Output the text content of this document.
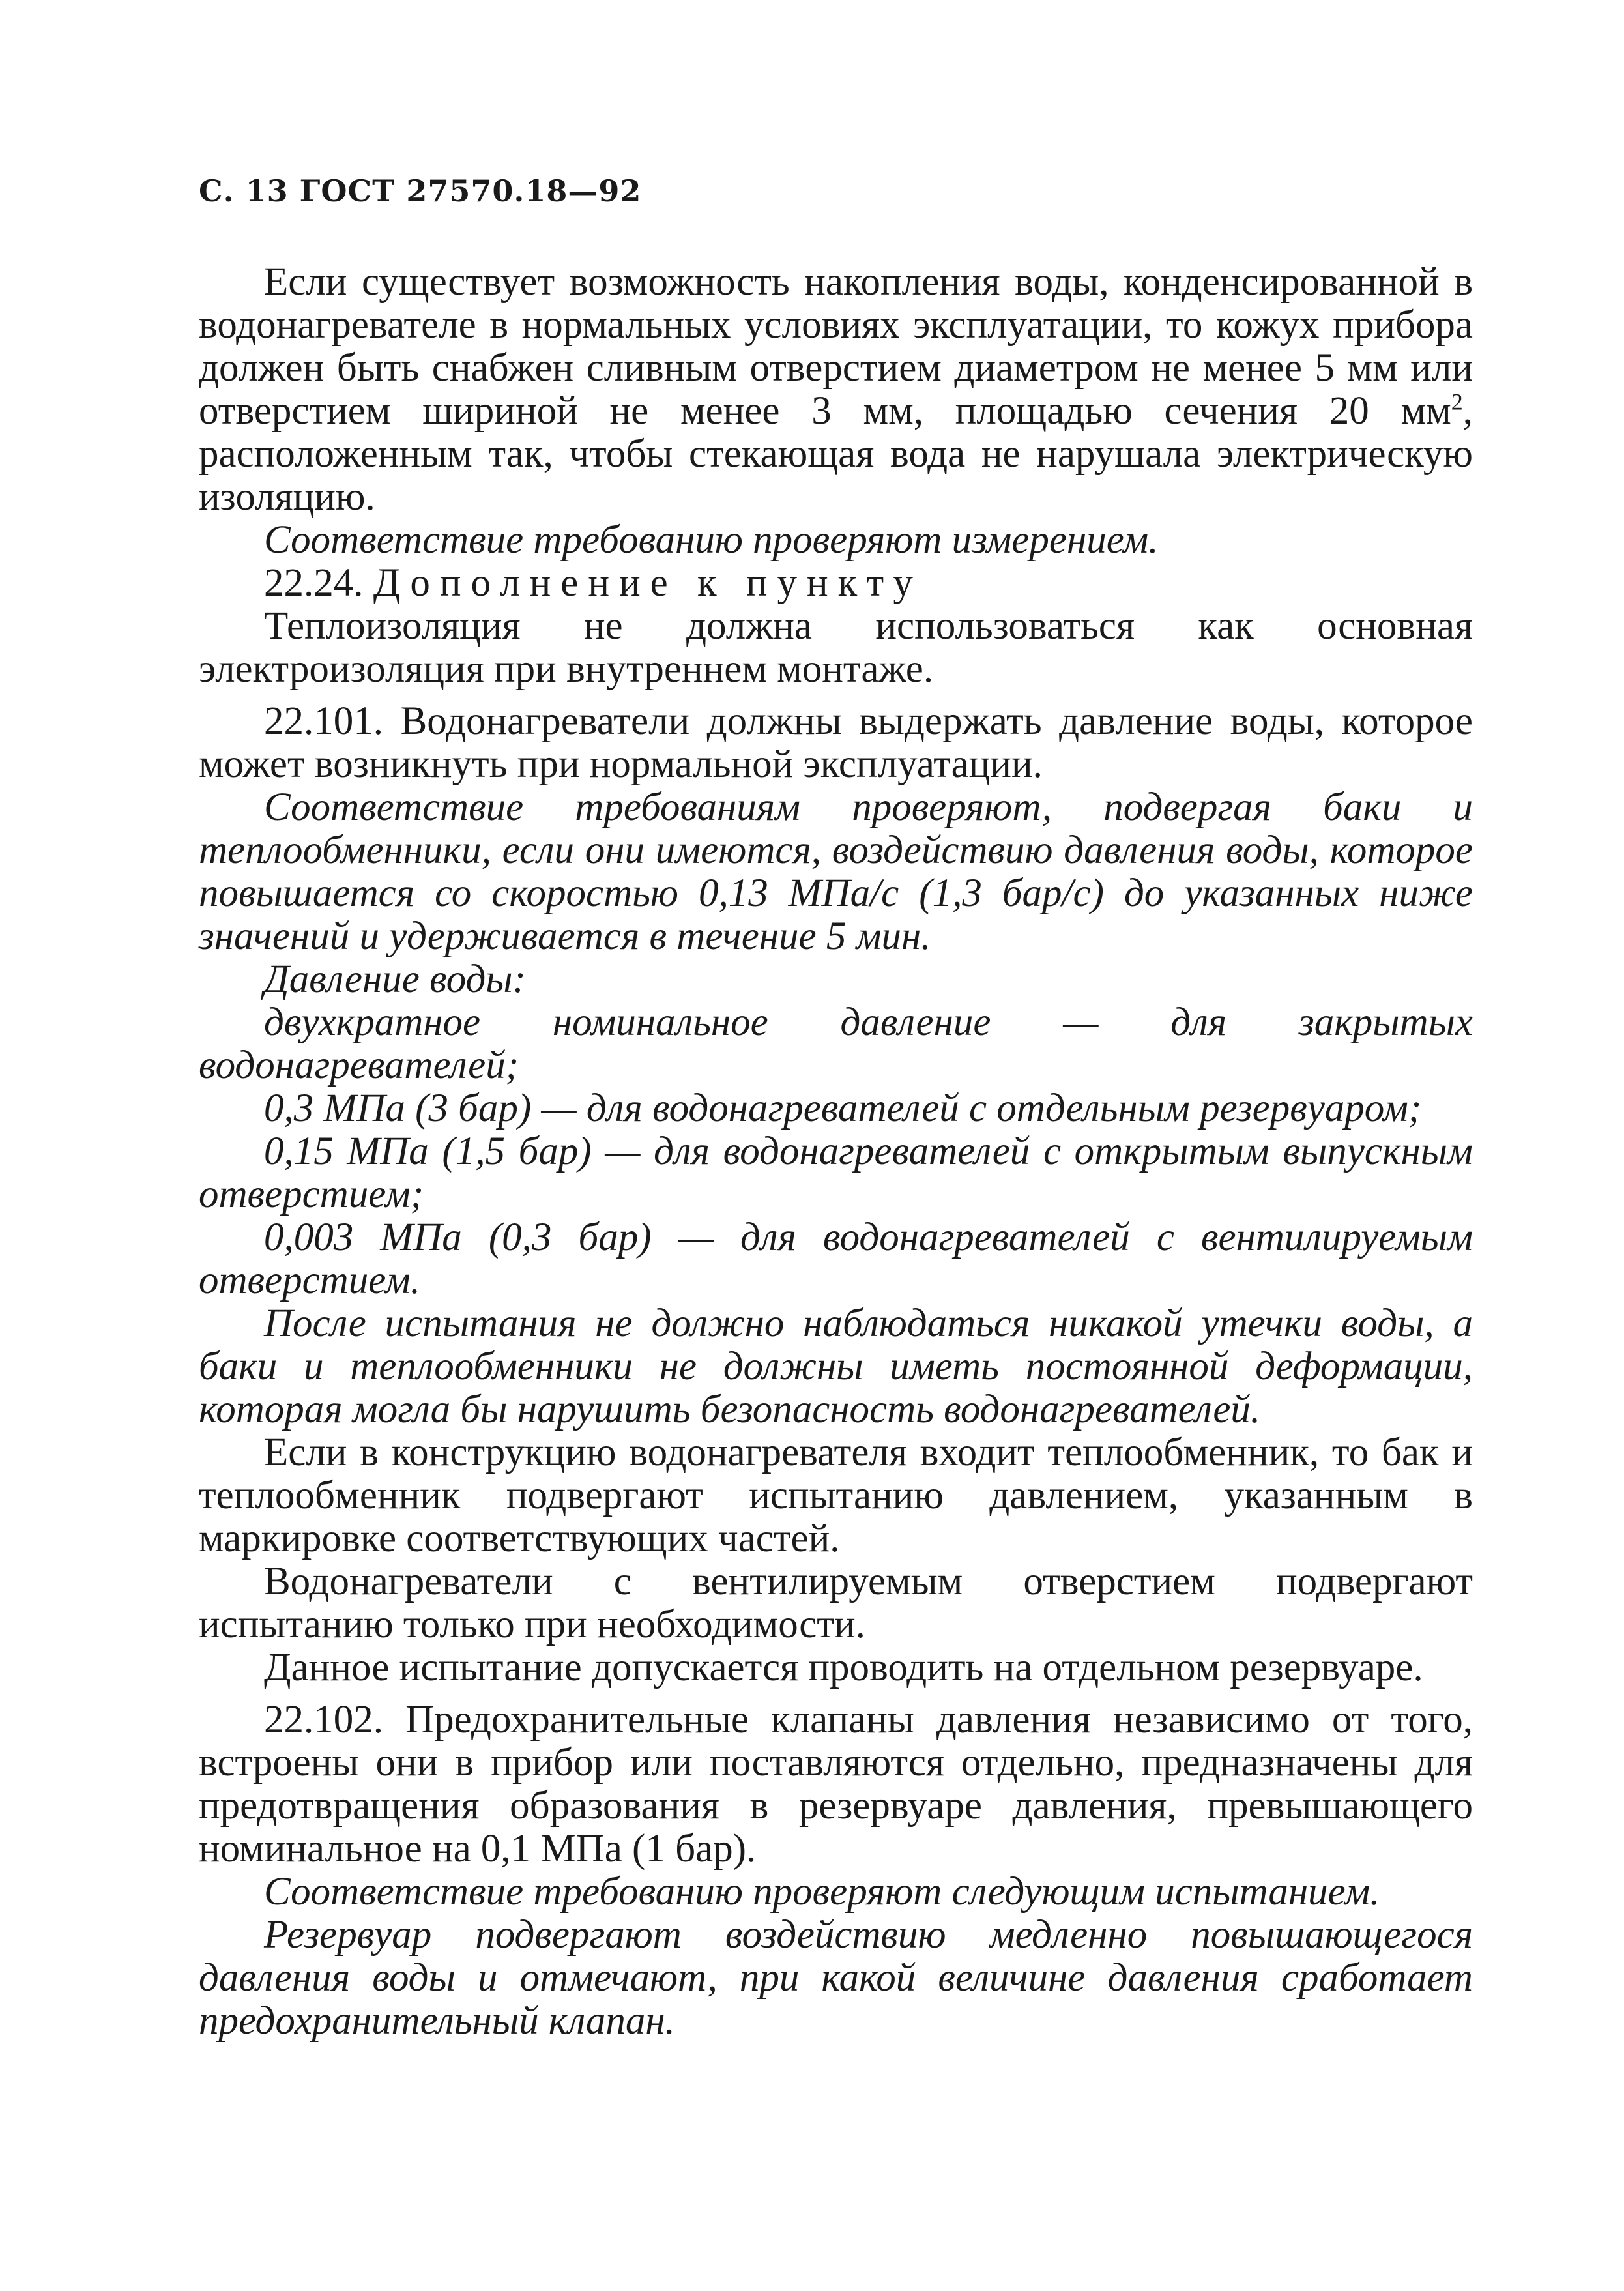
С. 13 ГОСТ 27570.18—92

Если существует возможность накопления воды, конденсированной в водонагревателе в нормальных условиях эксплуатации, то кожух прибора должен быть снабжен сливным отверстием диаметром не менее 5 мм или отверстием шириной не менее 3 мм, площадью сечения 20 $мм^2$, расположенным так, чтобы стекающая вода не нарушала электрическую изоляцию.

Соответствие требованию проверяют измерением.

22.24. Дополнение к пункту

Теплоизоляция не должна использоваться как основная электроизоляция при внутреннем монтаже.

22.101. Водонагреватели должны выдержать давление воды, которое может возникнуть при нормальной эксплуатации.

Соответствие требованиям проверяют, подвергая баки и теплообменники, если они имеются, воздействию давления воды, которое повышается со скоростью 0,13 МПа/с (1,3 бар/с) до указанных ниже значений и удерживается в течение 5 мин.

Давление воды:

двухкратное номинальное давление — для закрытых водонагревателей;

0,3 МПа (3 бар) — для водонагревателей с отдельным резервуаром;

0,15 МПа (1,5 бар) — для водонагревателей с открытым выпускным отверстием;

0,003 МПа (0,3 бар) — для водонагревателей с вентилируемым отверстием.

После испытания не должно наблюдаться никакой утечки воды, а баки и теплообменники не должны иметь постоянной деформации, которая могла бы нарушить безопасность водонагревателей.

Если в конструкцию водонагревателя входит теплообменник, то бак и теплообменник подвергают испытанию давлением, указанным в маркировке соответствующих частей.

Водонагреватели с вентилируемым отверстием подвергают испытанию только при необходимости.

Данное испытание допускается проводить на отдельном резервуаре.

22.102. Предохранительные клапаны давления независимо от того, встроены они в прибор или поставляются отдельно, предназначены для предотвращения образования в резервуаре давления, превышающего номинальное на 0,1 МПа (1 бар).

Соответствие требованию проверяют следующим испытанием.

Резервуар подвергают воздействию медленно повышающегося давления воды и отмечают, при какой величине давления сработает предохранительный клапан.
